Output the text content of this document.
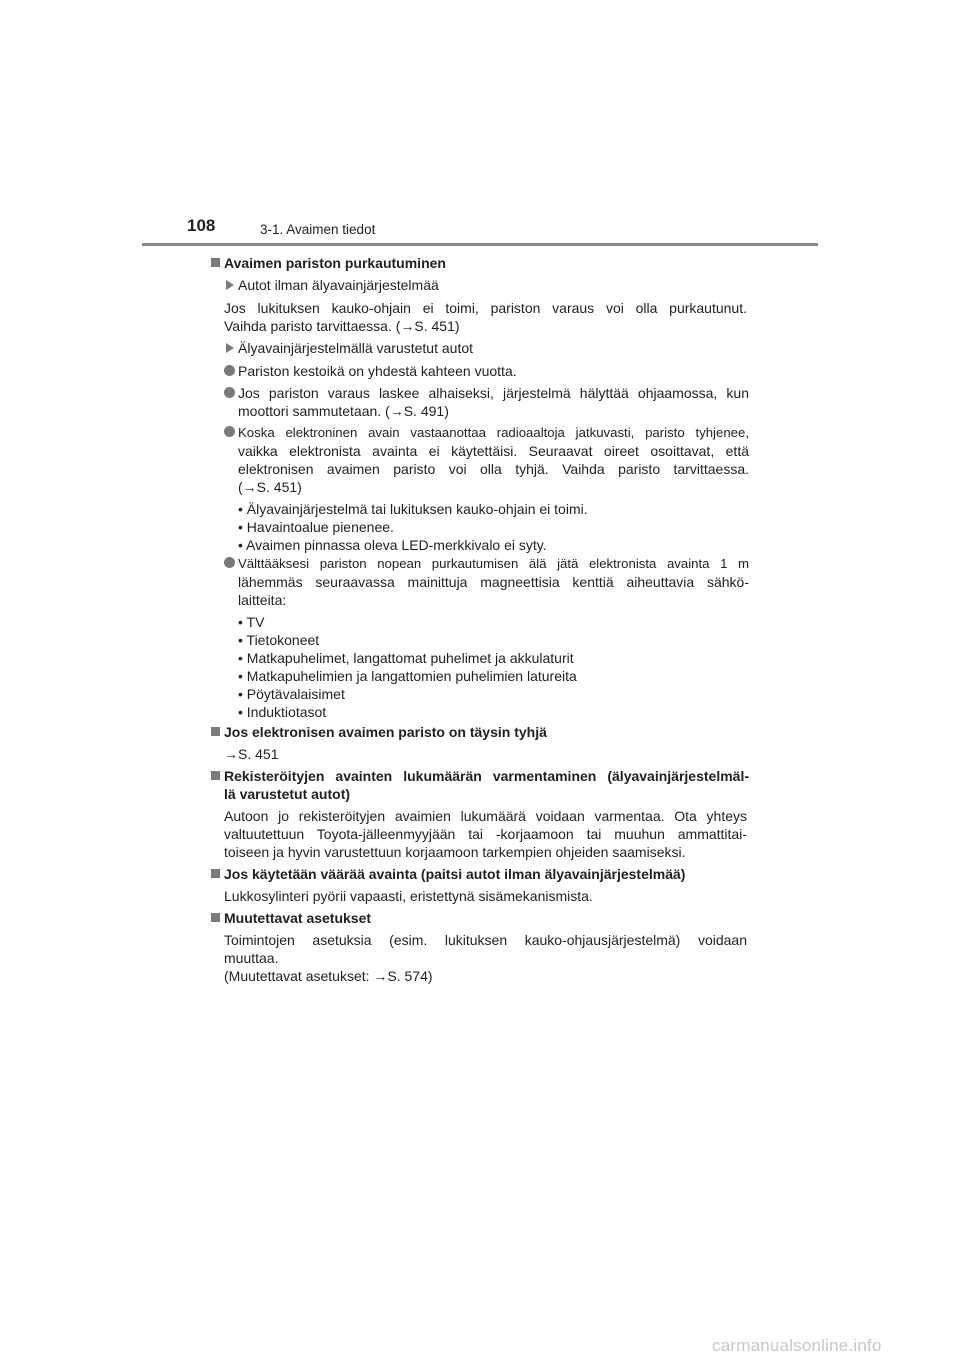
108	3-1. Avaimen tiedot
Avaimen pariston purkautuminen
Autot ilman älyavainjärjestelmää
Jos lukituksen kauko-ohjain ei toimi, pariston varaus voi olla purkautunut.
Vaihda paristo tarvittaessa. (→S. 451)
Älyavainjärjestelmällä varustetut autot
Pariston kestoikä on yhdestä kahteen vuotta.
Jos pariston varaus laskee alhaiseksi, järjestelmä hälyttää ohjaamossa, kun
moottori sammutetaan. (→S. 491)
Koska elektroninen avain vastaanottaa radioaaltoja jatkuvasti, paristo tyhjenee,
vaikka elektronista avainta ei käytettäisi. Seuraavat oireet osoittavat, että
elektronisen avaimen paristo voi olla tyhjä. Vaihda paristo tarvittaessa.
(→S. 451)
• Älyavainjärjestelmä tai lukituksen kauko-ohjain ei toimi.
• Havaintoalue pienenee.
• Avaimen pinnassa oleva LED-merkkivalo ei syty.
Välttääksesi pariston nopean purkautumisen älä jätä elektronista avainta 1 m
lähemmäs seuraavassa mainittuja magneettisia kenttiä aiheuttavia sähkö-
laitteita:
• TV
• Tietokoneet
• Matkapuhelimet, langattomat puhelimet ja akkulaturit
• Matkapuhelimien ja langattomien puhelimien latureita
• Pöytävalaisimet
• Induktiotasot
Jos elektronisen avaimen paristo on täysin tyhjä
→S. 451
Rekisteröityjen avainten lukumäärän varmentaminen (älyavainjärjestelmäl-
lä varustetut autot)
Autoon jo rekisteröityjen avaimien lukumäärä voidaan varmentaa. Ota yhteys
valtuutettuun Toyota-jälleenmyyjään tai -korjaamoon tai muuhun ammattitai-
toiseen ja hyvin varustettuun korjaamoon tarkempien ohjeiden saamiseksi.
Jos käytetään väärää avainta (paitsi autot ilman älyavainjärjestelmää)
Lukkosylinteri pyörii vapaasti, eristettynä sisämekanismista.
Muutettavat asetukset
Toimintojen asetuksia (esim. lukituksen kauko-ohjausjärjestelmä) voidaan
muuttaa.
(Muutettavat asetukset: →S. 574)
carmanualsonline.info
